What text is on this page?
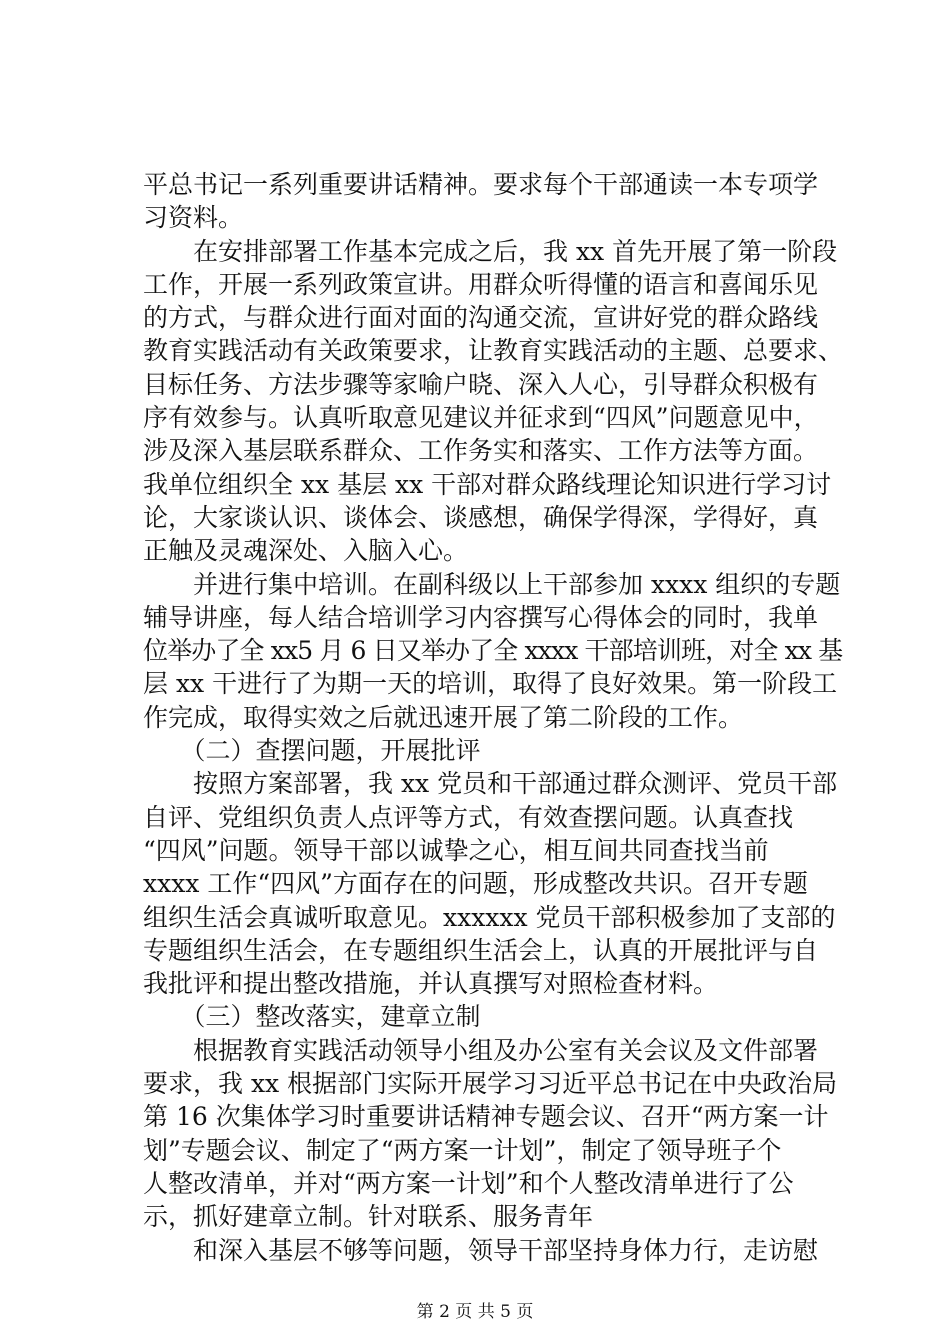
平总书记一系列重要讲话精神。要求每个干部通读一本专项学
习资料。
　　在安排部署工作基本完成之后，我 xx 首先开展了第一阶段
工作，开展一系列政策宣讲。用群众听得懂的语言和喜闻乐见
的方式，与群众进行面对面的沟通交流，宣讲好党的群众路线
教育实践活动有关政策要求，让教育实践活动的主题、总要求、
目标任务、方法步骤等家喻户晓、深入人心，引导群众积极有
序有效参与。认真听取意见建议并征求到“四风”问题意见中，
涉及深入基层联系群众、工作务实和落实、工作方法等方面。
我单位组织全 xx 基层 xx 干部对群众路线理论知识进行学习讨
论，大家谈认识、谈体会、谈感想，确保学得深，学得好，真
正触及灵魂深处、入脑入心。
　　并进行集中培训。在副科级以上干部参加 xxxx 组织的专题
辅导讲座，每人结合培训学习内容撰写心得体会的同时，我单
位举办了全 xx5 月 6 日又举办了全 xxxx 干部培训班，对全 xx 基
层 xx 干进行了为期一天的培训，取得了良好效果。第一阶段工
作完成，取得实效之后就迅速开展了第二阶段的工作。
　　（二）查摆问题，开展批评
　　按照方案部署，我 xx 党员和干部通过群众测评、党员干部
自评、党组织负责人点评等方式，有效查摆问题。认真查找
“四风”问题。领导干部以诚挚之心，相互间共同查找当前
xxxx 工作“四风”方面存在的问题，形成整改共识。召开专题
组织生活会真诚听取意见。xxxxxx 党员干部积极参加了支部的
专题组织生活会，在专题组织生活会上，认真的开展批评与自
我批评和提出整改措施，并认真撰写对照检查材料。
　　（三）整改落实，建章立制
　　根据教育实践活动领导小组及办公室有关会议及文件部署
要求，我 xx 根据部门实际开展学习习近平总书记在中央政治局
第 16 次集体学习时重要讲话精神专题会议、召开“两方案一计
划”专题会议、制定了“两方案一计划”，制定了领导班子个
人整改清单，并对“两方案一计划”和个人整改清单进行了公
示，抓好建章立制。针对联系、服务青年
　　和深入基层不够等问题，领导干部坚持身体力行，走访慰
第 2 页 共 5 页
